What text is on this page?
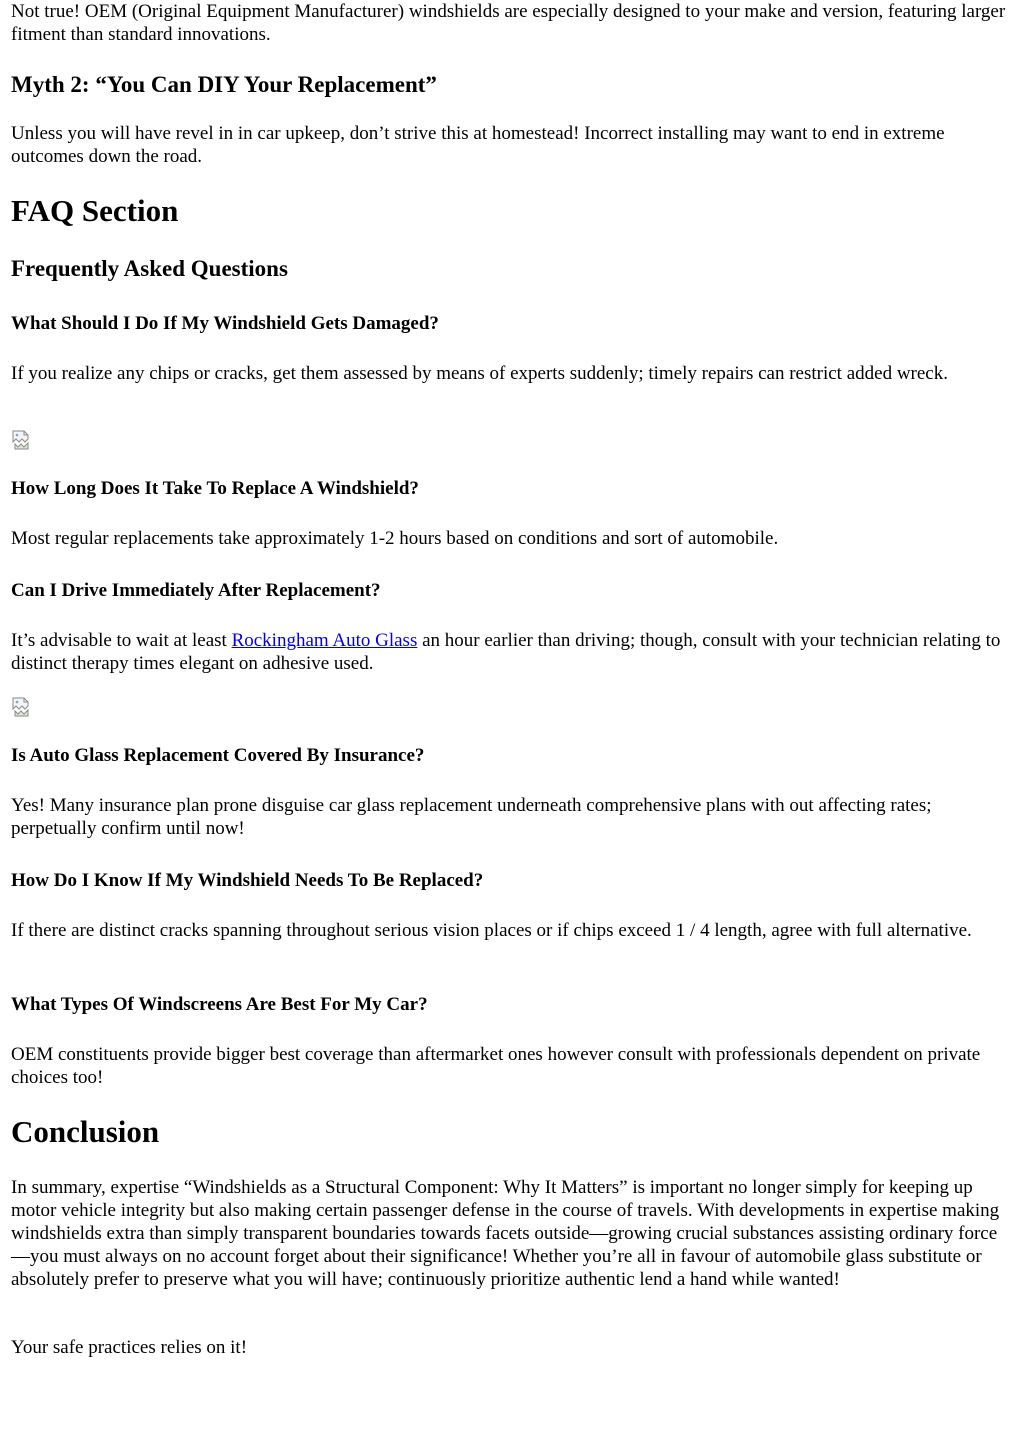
Not true! OEM (Original Equipment Manufacturer) windshields are especially designed to your make and version, featuring larger fitment than standard innovations.

Myth 2: “You Can DIY Your Replacement”

Unless you will have revel in in car upkeep, don’t strive this at homestead! Incorrect installing may want to end in extreme outcomes down the road.

FAQ Section
Frequently Asked Questions
What Should I Do If My Windshield Gets Damaged?

If you realize any chips or cracks, get them assessed by means of experts suddenly; timely repairs can restrict added wreck.

How Long Does It Take To Replace A Windshield?

Most regular replacements take approximately 1-2 hours based on conditions and sort of automobile.

Can I Drive Immediately After Replacement?

It’s advisable to wait at least Rockingham Auto Glass an hour earlier than driving; though, consult with your technician relating to distinct therapy times elegant on adhesive used.

Is Auto Glass Replacement Covered By Insurance?

Yes! Many insurance plan prone disguise car glass replacement underneath comprehensive plans with out affecting rates; perpetually confirm until now!

How Do I Know If My Windshield Needs To Be Replaced?

If there are distinct cracks spanning throughout serious vision places or if chips exceed 1 / 4 length, agree with full alternative.

What Types Of Windscreens Are Best For My Car?

OEM constituents provide bigger best coverage than aftermarket ones however consult with professionals dependent on private choices too!

Conclusion

In summary, expertise “Windshields as a Structural Component: Why It Matters” is important no longer simply for keeping up motor vehicle integrity but also making certain passenger defense in the course of travels. With developments in expertise making windshields extra than simply transparent boundaries towards facets outside—growing crucial substances assisting ordinary force—you must always on no account forget about their significance! Whether you’re all in favour of automobile glass substitute or absolutely prefer to preserve what you will have; continuously prioritize authentic lend a hand while wanted!

Your safe practices relies on it!
